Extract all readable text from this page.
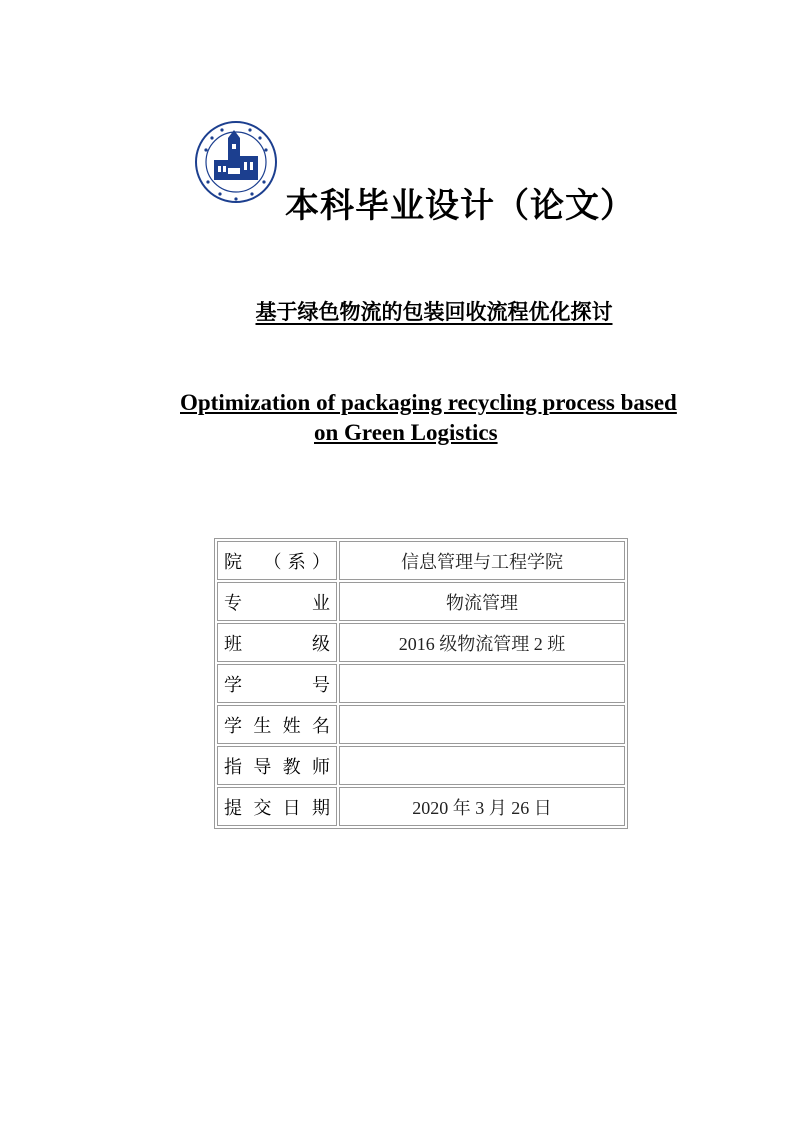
本科毕业设计（论文）
基于绿色物流的包装回收流程优化探讨
Optimization of packaging recycling process based
on Green Logistics
院　（系）	信息管理与工程学院
专　　业	物流管理
班　　级	2016 级物流管理 2 班
学　　号	
学生姓名	
指导教师	
提交日期	2020 年 3 月 26 日
